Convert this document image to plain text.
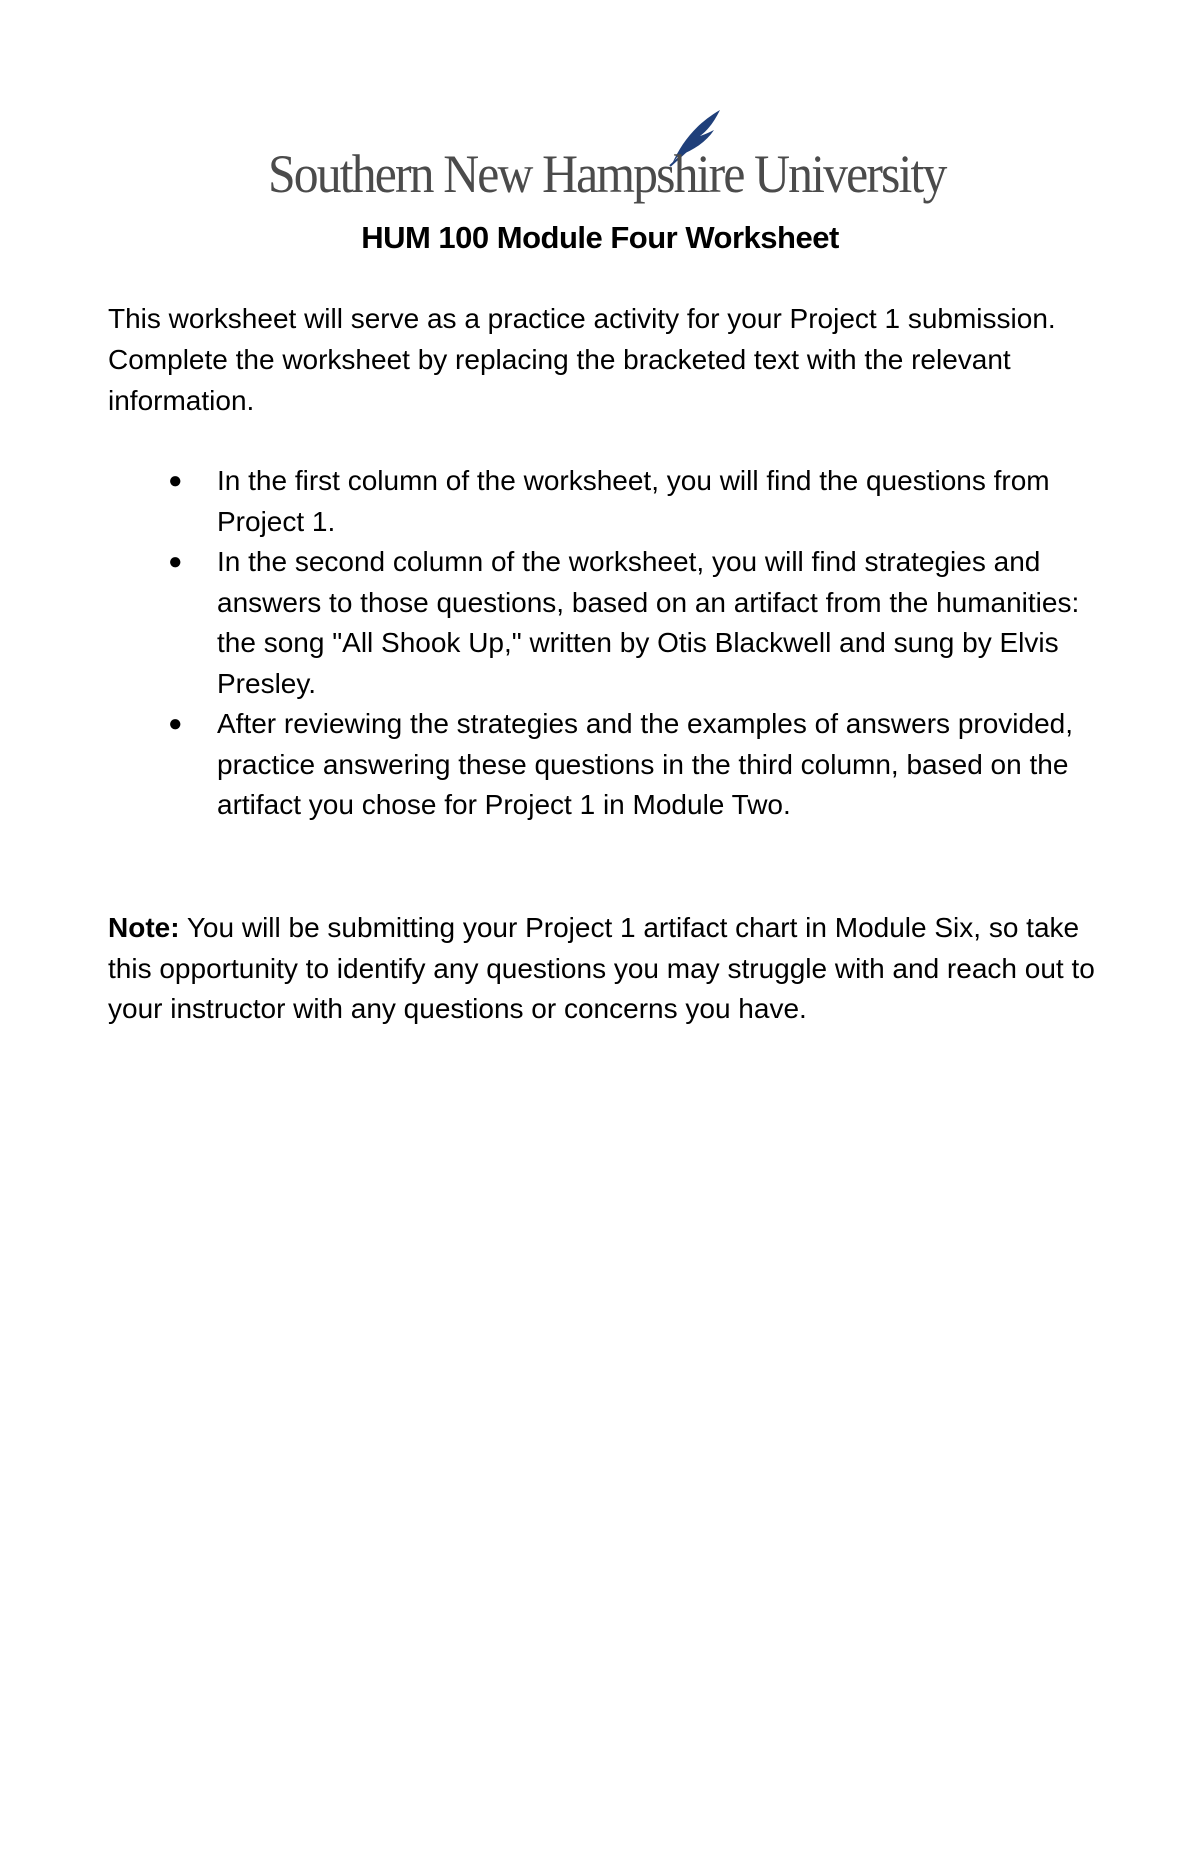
Southern New Hampshire University
HUM 100 Module Four Worksheet

This worksheet will serve as a practice activity for your Project 1 submission. Complete the worksheet by replacing the bracketed text with the relevant information.

● In the first column of the worksheet, you will find the questions from Project 1.
● In the second column of the worksheet, you will find strategies and answers to those questions, based on an artifact from the humanities: the song "All Shook Up," written by Otis Blackwell and sung by Elvis Presley.
● After reviewing the strategies and the examples of answers provided, practice answering these questions in the third column, based on the artifact you chose for Project 1 in Module Two.

Note: You will be submitting your Project 1 artifact chart in Module Six, so take this opportunity to identify any questions you may struggle with and reach out to your instructor with any questions or concerns you have.
